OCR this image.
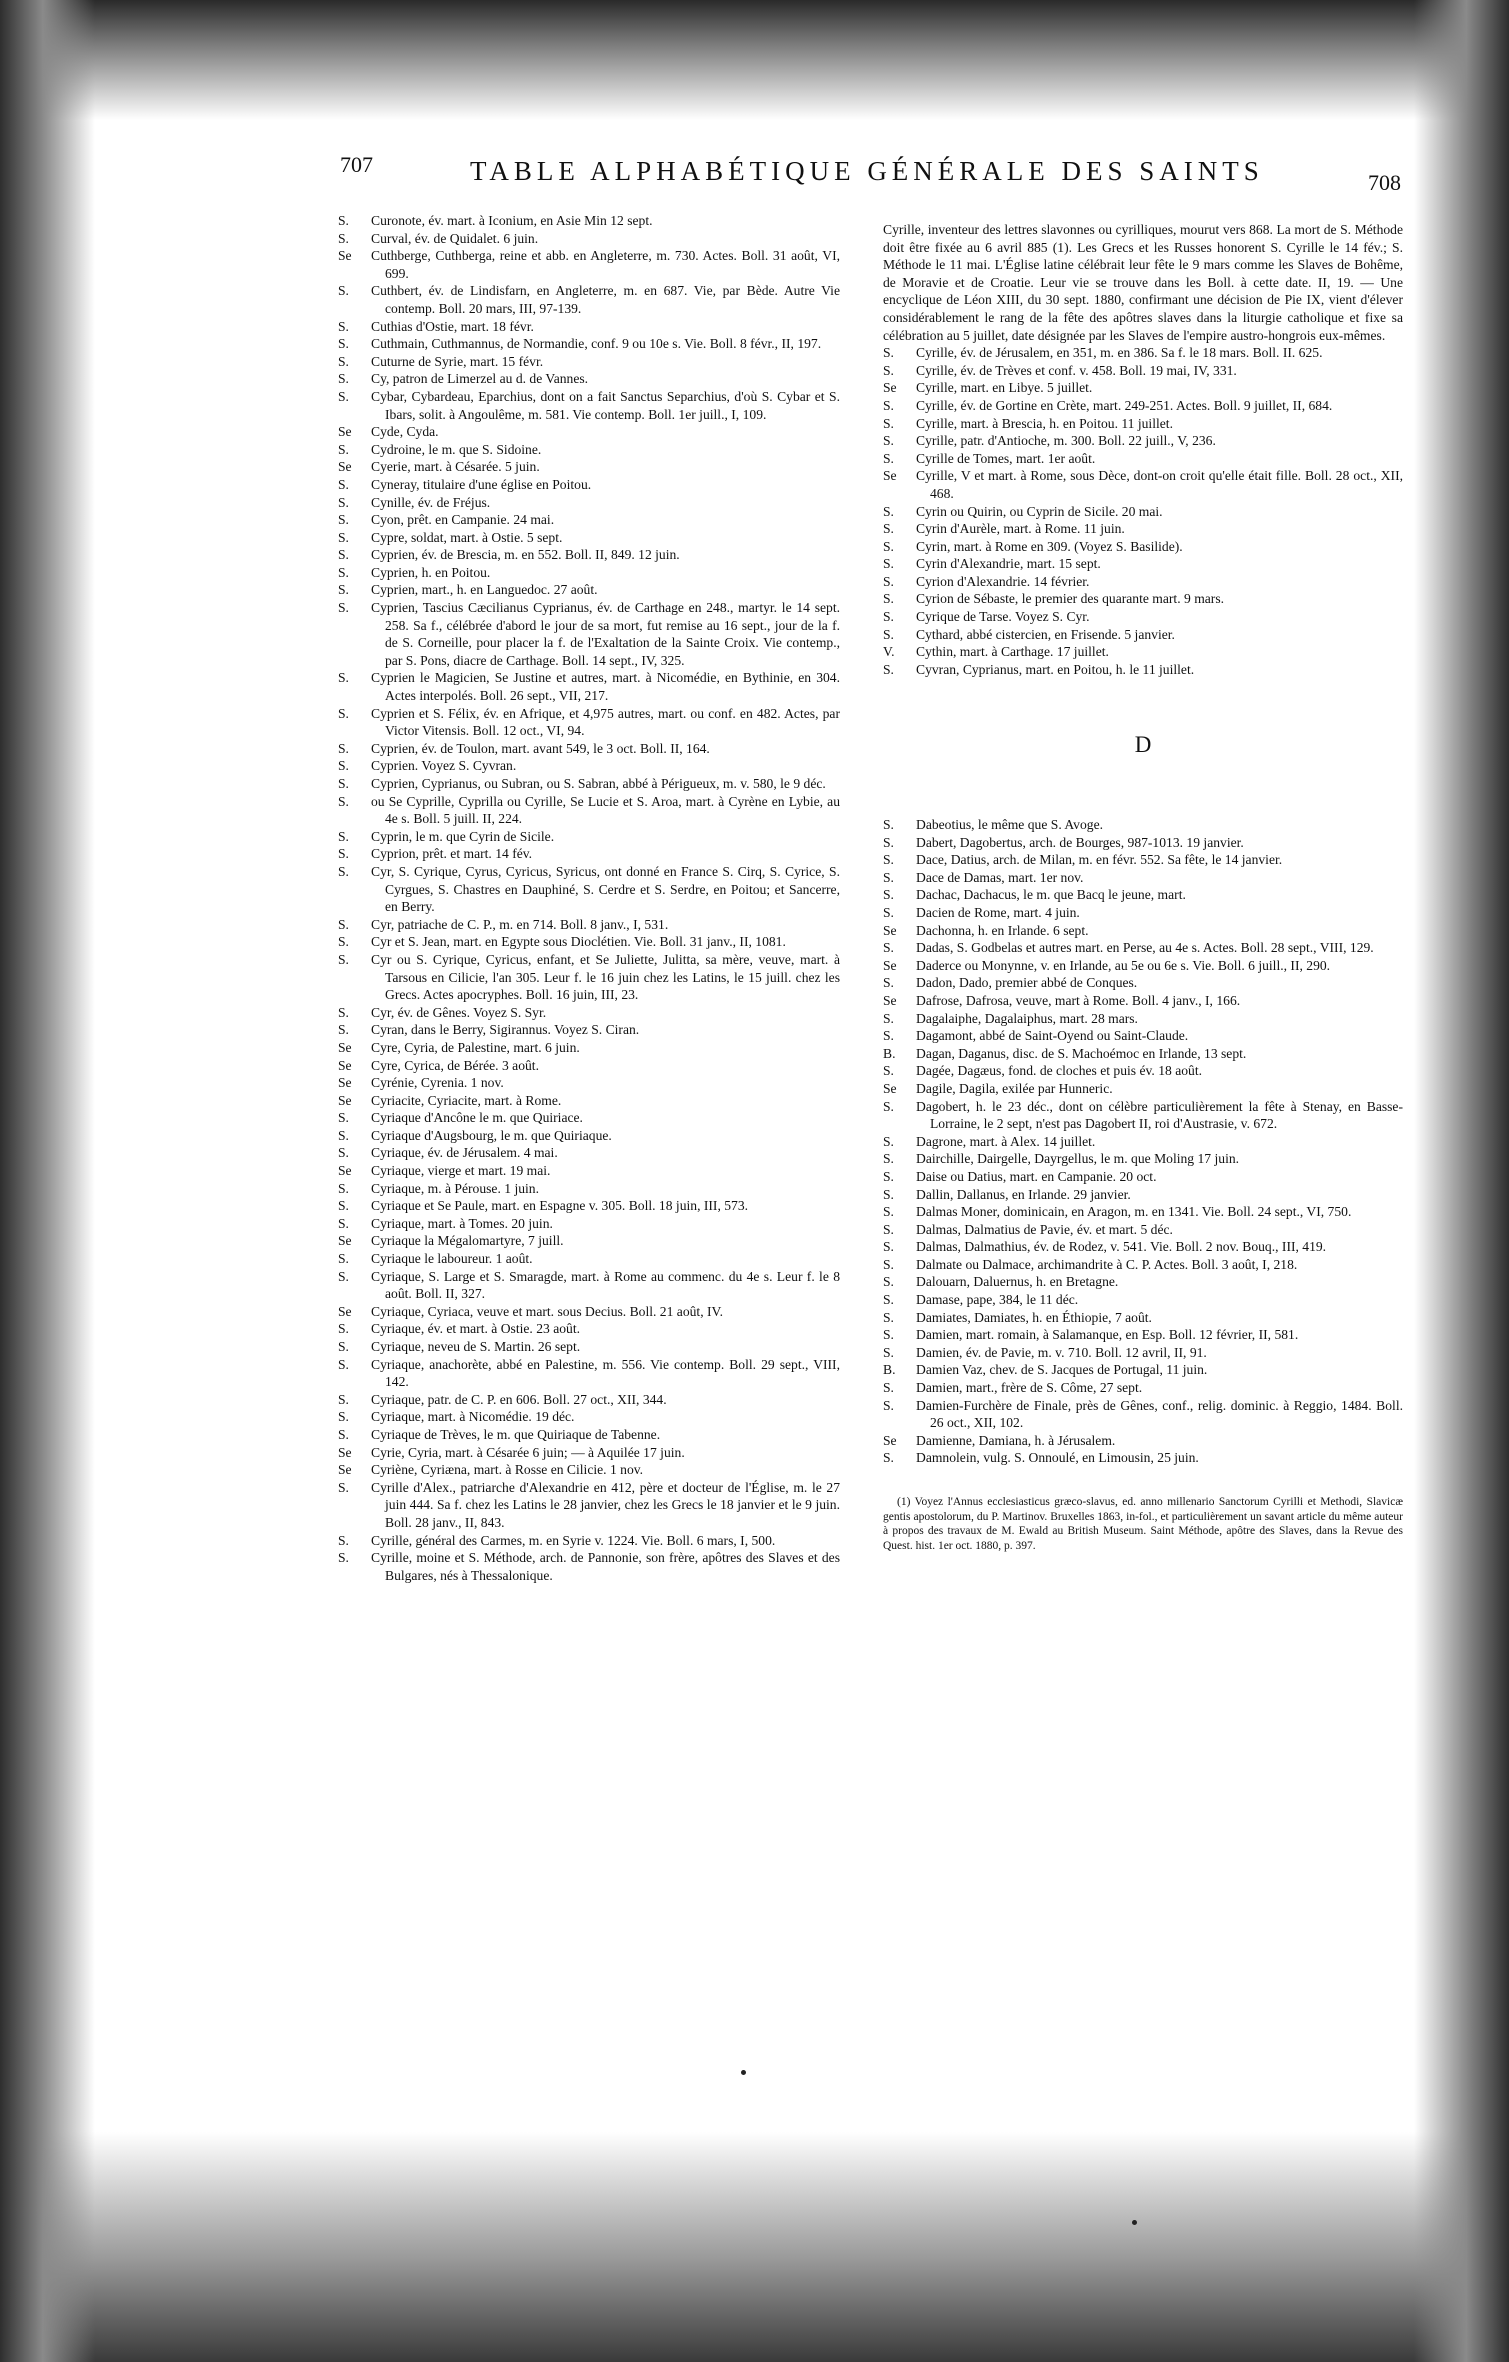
707	TABLE ALPHABÉTIQUE GÉNÉRALE DES SAINTS	708
S.	Curonote, év. mart. à Iconium, en Asie Min 12 sept.
S.	Curval, év. de Quidalet. 6 juin.
Se	Cuthberge, Cuthberga, reine et abb. en Angleterre, m. 730. Actes. Boll. 31 août, VI, 699.
S.	Cuthbert, év. de Lindisfarn, en Angleterre, m. en 687. Vie, par Bède. Autre Vie contemp. Boll. 20 mars, III, 97-139.
S.	Cuthias d'Ostie, mart. 18 févr.
S.	Cuthmain, Cuthmannus, de Normandie, conf. 9 ou 10e s. Vie. Boll. 8 févr., II, 197.
S.	Cuturne de Syrie, mart. 15 févr.
S.	Cy, patron de Limerzel au d. de Vannes.
S.	Cybar, Cybardeau, Eparchius, dont on a fait Sanctus Separchius, d'où S. Cybar et S. Ibars, solit. à Angoulême, m. 581. Vie contemp. Boll. 1er juill., I, 109.
Se	Cyde, Cyda.
S.	Cydroine, le m. que S. Sidoine.
Se	Cyerie, mart. à Césarée. 5 juin.
S.	Cyneray, titulaire d'une église en Poitou.
S.	Cynille, év. de Fréjus.
S.	Cyon, prêt. en Campanie. 24 mai.
S.	Cypre, soldat, mart. à Ostie. 5 sept.
S.	Cyprien, év. de Brescia, m. en 552. Boll. II, 849. 12 juin.
S.	Cyprien, h. en Poitou.
S.	Cyprien, mart., h. en Languedoc. 27 août.
S.	Cyprien, Tascius Cæcilianus Cyprianus, év. de Carthage en 248., martyr. le 14 sept. 258. Sa f., célébrée d'abord le jour de sa mort, fut remise au 16 sept., jour de la f. de S. Corneille, pour placer la f. de l'Exaltation de la Sainte Croix. Vie contemp., par S. Pons, diacre de Carthage. Boll. 14 sept., IV, 325.
S.	Cyprien le Magicien, Se Justine et autres, mart. à Nicomédie, en Bythinie, en 304. Actes interpolés. Boll. 26 sept., VII, 217.
S.	Cyprien et S. Félix, év. en Afrique, et 4,975 autres, mart. ou conf. en 482. Actes, par Victor Vitensis. Boll. 12 oct., VI, 94.
S.	Cyprien, év. de Toulon, mart. avant 549, le 3 oct. Boll. II, 164.
S.	Cyprien. Voyez S. Cyvran.
S.	Cyprien, Cyprianus, ou Subran, ou S. Sabran, abbé à Périgueux, m. v. 580, le 9 déc.
S.	ou Se Cyprille, Cyprilla ou Cyrille, Se Lucie et S. Aroa, mart. à Cyrène en Lybie, au 4e s. Boll. 5 juill. II, 224.
S.	Cyprin, le m. que Cyrin de Sicile.
S.	Cyprion, prêt. et mart. 14 fév.
S.	Cyr, S. Cyrique, Cyrus, Cyricus, Syricus, ont donné en France S. Cirq, S. Cyrice, S. Cyrgues, S. Chastres en Dauphiné, S. Cerdre et S. Serdre, en Poitou; et Sancerre, en Berry.
S.	Cyr, patriache de C. P., m. en 714. Boll. 8 janv., I, 531.
S.	Cyr et S. Jean, mart. en Egypte sous Dioclétien. Vie. Boll. 31 janv., II, 1081.
S.	Cyr ou S. Cyrique, Cyricus, enfant, et Se Juliette, Julitta, sa mère, veuve, mart. à Tarsous en Cilicie, l'an 305. Leur f. le 16 juin chez les Latins, le 15 juill. chez les Grecs. Actes apocryphes. Boll. 16 juin, III, 23.
S.	Cyr, év. de Gênes. Voyez S. Syr.
S.	Cyran, dans le Berry, Sigirannus. Voyez S. Ciran.
Se	Cyre, Cyria, de Palestine, mart. 6 juin.
Se	Cyre, Cyrica, de Bérée. 3 août.
Se	Cyrénie, Cyrenia. 1 nov.
Se	Cyriacite, Cyriacite, mart. à Rome.
S.	Cyriaque d'Ancône le m. que Quiriace.
S.	Cyriaque d'Augsbourg, le m. que Quiriaque.
S.	Cyriaque, év. de Jérusalem. 4 mai.
Se	Cyriaque, vierge et mart. 19 mai.
S.	Cyriaque, m. à Pérouse. 1 juin.
S.	Cyriaque et Se Paule, mart. en Espagne v. 305. Boll. 18 juin, III, 573.
S.	Cyriaque, mart. à Tomes. 20 juin.
Se	Cyriaque la Mégalomartyre, 7 juill.
S.	Cyriaque le laboureur. 1 août.
S.	Cyriaque, S. Large et S. Smaragde, mart. à Rome au commenc. du 4e s. Leur f. le 8 août. Boll. II, 327.
Se	Cyriaque, Cyriaca, veuve et mart. sous Decius. Boll. 21 août, IV.
S.	Cyriaque, év. et mart. à Ostie. 23 août.
S.	Cyriaque, neveu de S. Martin. 26 sept.
S.	Cyriaque, anachorète, abbé en Palestine, m. 556. Vie contemp. Boll. 29 sept., VIII, 142.
S.	Cyriaque, patr. de C. P. en 606. Boll. 27 oct., XII, 344.
S.	Cyriaque, mart. à Nicomédie. 19 déc.
S.	Cyriaque de Trèves, le m. que Quiriaque de Tabenne.
Se	Cyrie, Cyria, mart. à Césarée 6 juin; — à Aquilée 17 juin.
Se	Cyriène, Cyriæna, mart. à Rosse en Cilicie. 1 nov.
S.	Cyrille d'Alex., patriarche d'Alexandrie en 412, père et docteur de l'Église, m. le 27 juin 444. Sa f. chez les Latins le 28 janvier, chez les Grecs le 18 janvier et le 9 juin. Boll. 28 janv., II, 843.
S.	Cyrille, général des Carmes, m. en Syrie v. 1224. Vie. Boll. 6 mars, I, 500.
S.	Cyrille, moine et S. Méthode, arch. de Pannonie, son frère, apôtres des Slaves et des Bulgares, nés à Thessalonique.

Cyrille, inventeur des lettres slavonnes ou cyrilliques, mourut vers 868. La mort de S. Méthode doit être fixée au 6 avril 885 (1). Les Grecs et les Russes honorent S. Cyrille le 14 fév.; S. Méthode le 11 mai. L'Église latine célébrait leur fête le 9 mars comme les Slaves de Bohême, de Moravie et de Croatie. Leur vie se trouve dans les Boll. à cette date. II, 19. — Une encyclique de Léon XIII, du 30 sept. 1880, confirmant une décision de Pie IX, vient d'élever considérablement le rang de la fête des apôtres slaves dans la liturgie catholique et fixe sa célébration au 5 juillet, date désignée par les Slaves de l'empire austro-hongrois eux-mêmes.

S.	Cyrille, év. de Jérusalem, en 351, m. en 386. Sa f. le 18 mars. Boll. II. 625.
S.	Cyrille, év. de Trèves et conf. v. 458. Boll. 19 mai, IV, 331.
Se	Cyrille, mart. en Libye. 5 juillet.
S.	Cyrille, év. de Gortine en Crète, mart. 249-251. Actes. Boll. 9 juillet, II, 684.
S.	Cyrille, mart. à Brescia, h. en Poitou. 11 juillet.
S.	Cyrille, patr. d'Antioche, m. 300. Boll. 22 juill., V, 236.
S.	Cyrille de Tomes, mart. 1er août.
Se	Cyrille, V et mart. à Rome, sous Dèce, dont-on croit qu'elle était fille. Boll. 28 oct., XII, 468.
S.	Cyrin ou Quirin, ou Cyprin de Sicile. 20 mai.
S.	Cyrin d'Aurèle, mart. à Rome. 11 juin.
S.	Cyrin, mart. à Rome en 309. (Voyez S. Basilide).
S.	Cyrin d'Alexandrie, mart. 15 sept.
S.	Cyrion d'Alexandrie. 14 février.
S.	Cyrion de Sébaste, le premier des quarante mart. 9 mars.
S.	Cyrique de Tarse. Voyez S. Cyr.
S.	Cythard, abbé cistercien, en Frisende. 5 janvier.
V.	Cythin, mart. à Carthage. 17 juillet.
S.	Cyvran, Cyprianus, mart. en Poitou, h. le 11 juillet.
D
S.	Dabeotius, le même que S. Avoge.
S.	Dabert, Dagobertus, arch. de Bourges, 987-1013. 19 janvier.
S.	Dace, Datius, arch. de Milan, m. en févr. 552. Sa fête, le 14 janvier.
S.	Dace de Damas, mart. 1er nov.
S.	Dachac, Dachacus, le m. que Bacq le jeune, mart.
S.	Dacien de Rome, mart. 4 juin.
Se	Dachonna, h. en Irlande. 6 sept.
S.	Dadas, S. Godbelas et autres mart. en Perse, au 4e s. Actes. Boll. 28 sept., VIII, 129.
Se	Daderce ou Monynne, v. en Irlande, au 5e ou 6e s. Vie. Boll. 6 juill., II, 290.
S.	Dadon, Dado, premier abbé de Conques.
Se	Dafrose, Dafrosa, veuve, mart à Rome. Boll. 4 janv., I, 166.
S.	Dagalaiphe, Dagalaiphus, mart. 28 mars.
S.	Dagamont, abbé de Saint-Oyend ou Saint-Claude.
B.	Dagan, Daganus, disc. de S. Machoémoc en Irlande, 13 sept.
S.	Dagée, Dagæus, fond. de cloches et puis év. 18 août.
Se	Dagile, Dagila, exilée par Hunneric.
S.	Dagobert, h. le 23 déc., dont on célèbre particulièrement la fête à Stenay, en Basse-Lorraine, le 2 sept, n'est pas Dagobert II, roi d'Austrasie, v. 672.
S.	Dagrone, mart. à Alex. 14 juillet.
S.	Dairchille, Dairgelle, Dayrgellus, le m. que Moling 17 juin.
S.	Daise ou Datius, mart. en Campanie. 20 oct.
S.	Dallin, Dallanus, en Irlande. 29 janvier.
S.	Dalmas Moner, dominicain, en Aragon, m. en 1341. Vie. Boll. 24 sept., VI, 750.
S.	Dalmas, Dalmatius de Pavie, év. et mart. 5 déc.
S.	Dalmas, Dalmathius, év. de Rodez, v. 541. Vie. Boll. 2 nov. Bouq., III, 419.
S.	Dalmate ou Dalmace, archimandrite à C. P. Actes. Boll. 3 août, I, 218.
S.	Dalouarn, Daluernus, h. en Bretagne.
S.	Damase, pape, 384, le 11 déc.
S.	Damiates, Damiates, h. en Éthiopie, 7 août.
S.	Damien, mart. romain, à Salamanque, en Esp. Boll. 12 février, II, 581.
S.	Damien, év. de Pavie, m. v. 710. Boll. 12 avril, II, 91.
B.	Damien Vaz, chev. de S. Jacques de Portugal, 11 juin.
S.	Damien, mart., frère de S. Côme, 27 sept.
S.	Damien-Furchère de Finale, près de Gênes, conf., relig. dominic. à Reggio, 1484. Boll. 26 oct., XII, 102.
Se	Damienne, Damiana, h. à Jérusalem.
S.	Damnolein, vulg. S. Onnoulé, en Limousin, 25 juin.

(1) Voyez l'Annus ecclesiasticus græco-slavus, ed. anno millenario Sanctorum Cyrilli et Methodi, Slavicæ gentis apostolorum, du P. Martinov. Bruxelles 1863, in-fol., et particulièrement un savant article du même auteur à propos des travaux de M. Ewald au British Museum. Saint Méthode, apôtre des Slaves, dans la Revue des Quest. hist. 1er oct. 1880, p. 397.
